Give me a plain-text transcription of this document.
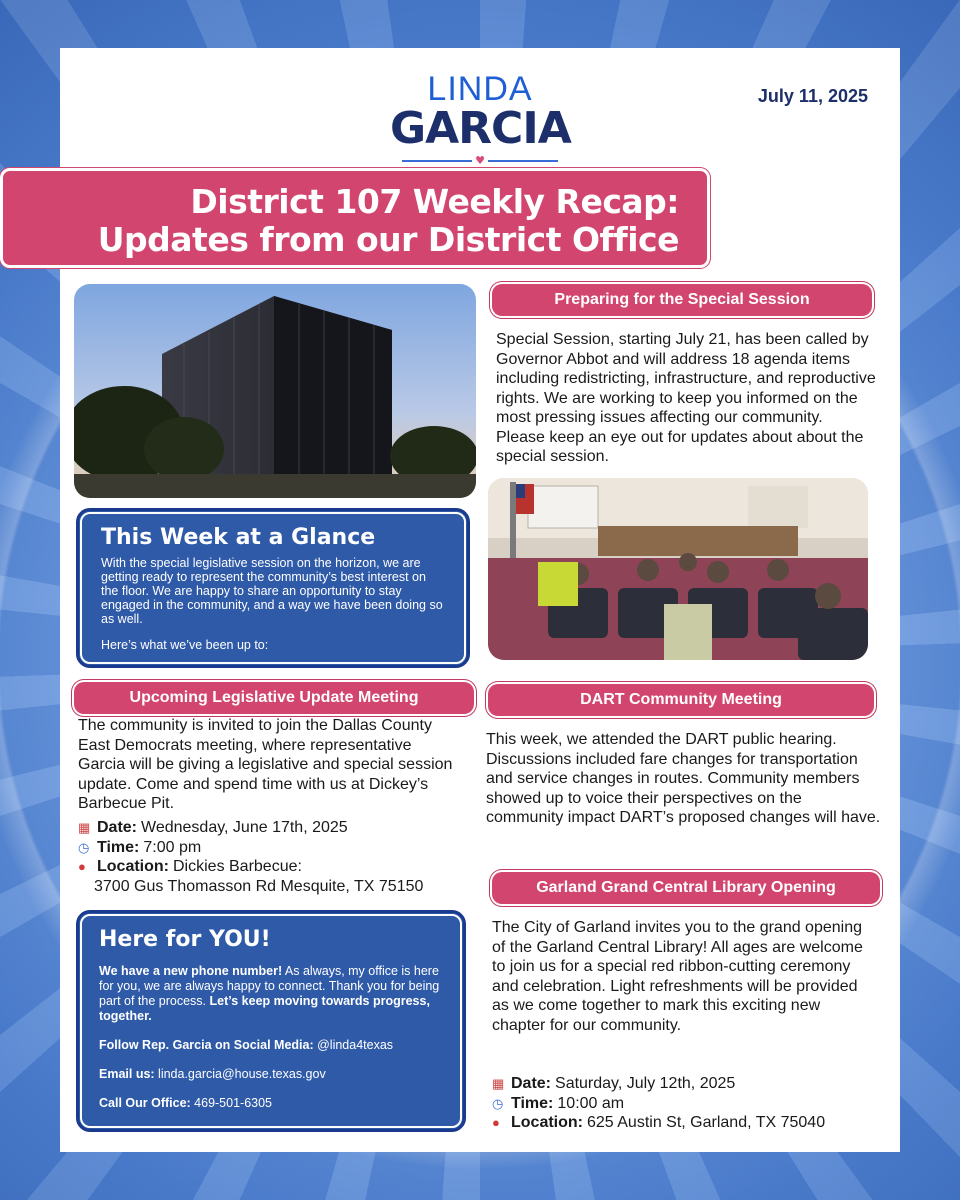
LINDA
GARCIA
♥
July 11, 2025
District 107 Weekly Recap:
Updates from our District Office
Preparing for the Special Session
Special Session, starting July 21, has been called by Governor Abbot and will address 18 agenda items including redistricting, infrastructure, and reproductive rights. We are working to keep you informed on the most pressing issues affecting our community. Please keep an eye out for updates about about the special session.
This Week at a Glance
With the special legislative session on the horizon, we are getting ready to represent the community’s best interest on the floor. We are happy to share an opportunity to stay engaged in the community, and a way we have been doing so as well.
Here’s what we’ve been up to:
Upcoming Legislative Update Meeting
The community is invited to join the Dallas County East Democrats meeting, where representative Garcia will be giving a legislative and special session update. Come and spend time with us at Dickey’s Barbecue Pit.
▦ Date: Wednesday, June 17th, 2025
◷ Time: 7:00 pm
● Location: Dickies Barbecue:
3700 Gus Thomasson Rd Mesquite, TX 75150
DART Community Meeting
This week, we attended the DART public hearing. Discussions included fare changes for transportation and service changes in routes. Community members showed up to voice their perspectives on the community impact DART’s proposed changes will have.
Here for YOU!

We have a new phone number! As always, my office is here for you, we are always happy to connect. Thank you for being part of the process. Let’s keep moving towards progress, together.

Follow Rep. Garcia on Social Media: @linda4texas

Email us: linda.garcia@house.texas.gov

Call Our Office: 469-501-6305

Garland Grand Central Library Opening
The City of Garland invites you to the grand opening of the Garland Central Library! All ages are welcome to join us for a special red ribbon-cutting ceremony and celebration. Light refreshments will be provided as we come together to mark this exciting new chapter for our community.
▦ Date: Saturday, July 12th, 2025
◷ Time: 10:00 am
● Location: 625 Austin St, Garland, TX 75040
